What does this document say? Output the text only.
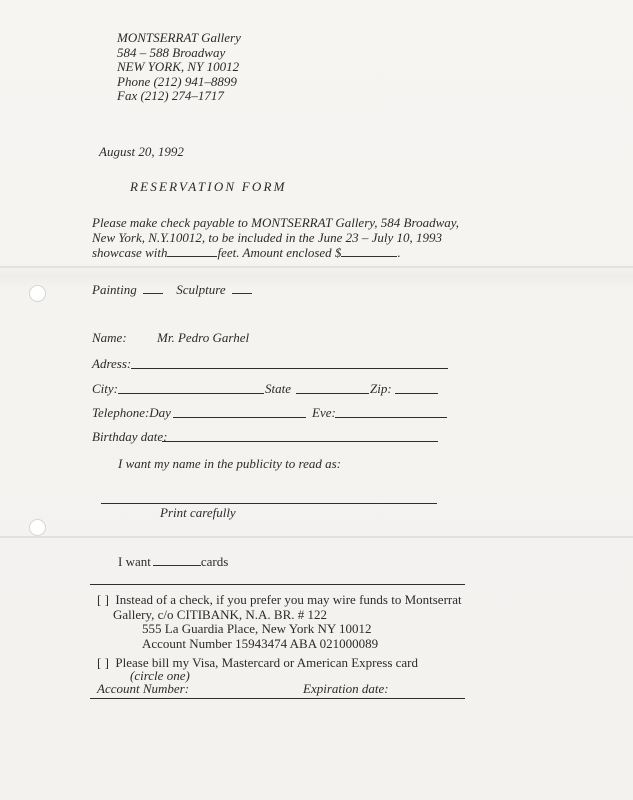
MONTSERRAT Gallery
584 – 588 Broadway
NEW YORK, NY 10012
Phone (212) 941–8899
Fax (212) 274–1717
August 20, 1992
RESERVATION FORM
Please make check payable to MONTSERRAT Gallery, 584 Broadway,
New York, N.Y.10012, to be included in the June 23 – July 10, 1993
showcase with	feet. Amount enclosed $	.
Painting	Sculpture
Name: Mr. Pedro Garhel
Adress:
City:	State	Zip:
Telephone:Day	Eve:
Birthday date:
I want my name in the publicity to read as:
Print carefully
I want	cards
[ ] Instead of a check, if you prefer you may wire funds to Montserrat
Gallery, c/o CITIBANK, N.A. BR. # 122
555 La Guardia Place, New York NY 10012
Account Number 15943474 ABA 021000089
[ ] Please bill my Visa, Mastercard or American Express card
(circle one)
Account Number:	Expiration date:
